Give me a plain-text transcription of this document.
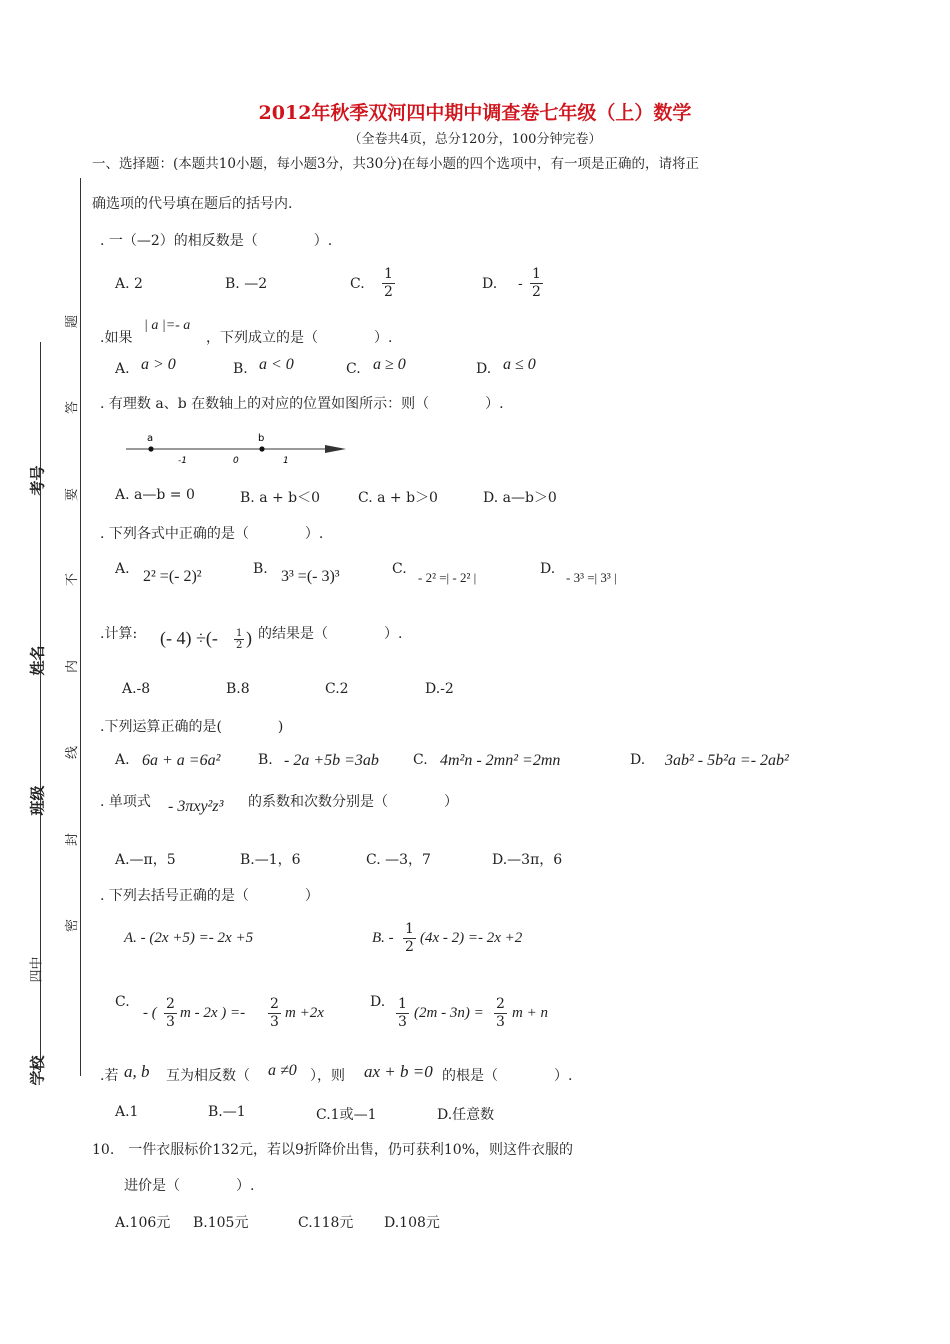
2012年秋季双河四中期中调查卷七年级（上）数学
（全卷共4页，总分120分，100分钟完卷）
考号
姓名
班级
四中
学校
题
答
要
不
内
线
封
密
一、选择题：(本题共10小题，每小题3分，共30分)在每小题的四个选项中，有一项是正确的，请将正
确选项的代号填在题后的括号内.
. 一（—2）的相反数是（　　　　）.
A. 2	B. —2	C. $\frac{1}{2}$	D. - $\frac{1}{2}$
.如果
| a |=- a
，下列成立的是（　　　　）.
A. a > 0	B. a < 0	C. a ≥ 0	D. a ≤ 0
. 有理数 a、b 在数轴上的对应的位置如图所示：则（　　　　）.
a	b
-1	0	1
A. a—b = 0	B. a + b＜0	C. a + b＞0	D. a—b＞0
. 下列各式中正确的是（　　　　）.
A. 2² =(- 2)²	B. 3³ =(- 3)³	C.
- 2² =| - 2² |
D.
- 3³ =| 3³ |
.计算: (- 4) ÷(- $\frac{1}{2}$ ) 的结果是（　　　　）.
A.-8	B.8	C.2	D.-2
.下列运算正确的是(　　　　)
A. 6a + a =6a²	B. - 2a +5b =3ab C. 4m²n - 2mn² =2mn	D. 3ab² - 5b²a =- 2ab²
. 单项式 - 3πxy²z³ 的系数和次数分别是（　　　　）
A.—π，5	B.—1，6	C. —3，7	D.—3π，6
. 下列去括号正确的是（　　　　）
A. - (2x +5) =- 2x +5	B. - $\frac{1}{2} (4x - 2) =- 2x +2$
C.
- ( $\frac{2}{3}$ m - 2x ) =- $\frac{2}{3}$ m +2x
D. $\frac{1}{3} (2m - 3n) = \frac{2}{3}$ m + n
.若 a, b 互为相反数（ a ≠0 ），则 ax + b =0 的根是（　　　　）.
A.1	B.—1	C.1或—1	D.任意数
10.　一件衣服标价132元，若以9折降价出售，仍可获利10%，则这件衣服的
进价是（　　　　）.
A.106元 B.105元	C.118元 D.108元
